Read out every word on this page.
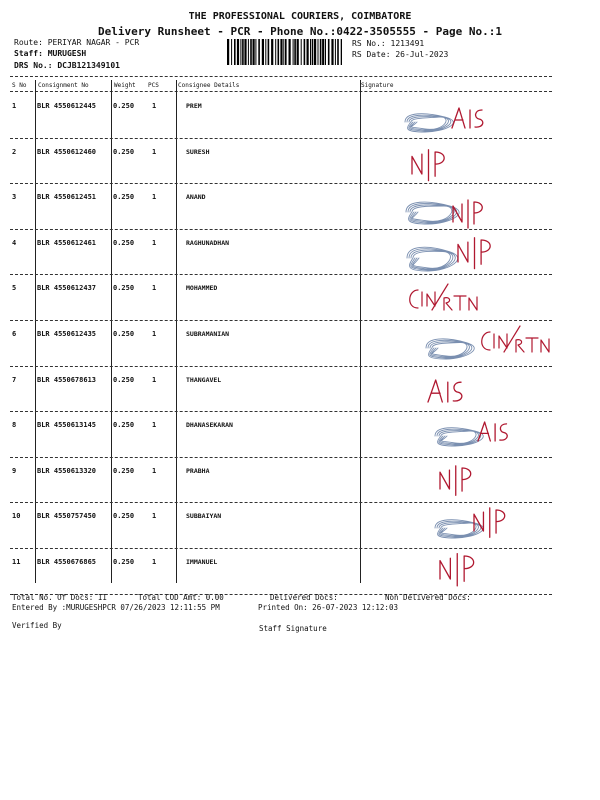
THE PROFESSIONAL COURIERS, COIMBATORE
Delivery Runsheet - PCR - Phone No.:0422-3505555 - Page No.:1
Route: PERIYAR NAGAR - PCR
Staff: MURUGESH
DRS No.: DCJB121349101
RS No.: 1213491
RS Date: 26-Jul-2023
S No Consignment No	Weight PCS	Consignee Details	Signature
1	BLR 4550612445 0.250	1	PREM
2	BLR 4550612460 0.250	1	SURESH
3	BLR 4550612451 0.250	1	ANAND
4	BLR 4550612461 0.250	1	RAGHUNADHAN
5	BLR 4550612437 0.250	1	MOHAMMED
6	BLR 4550612435 0.250	1	SUBRAMANIAN
7	BLR 4550678613 0.250	1	THANGAVEL
8	BLR 4550613145 0.250	1	DHANASEKARAN
9	BLR 4550613320 0.250	1	PRABHA
10 BLR 4550757450 0.250	1	SUBBAIYAN
11 BLR 4550676865 0.250	1	IMMANUEL
Total No. Of Docs: 11	Total COD Amt: 0.00	Delivered Docs:	Non Delivered Docs:
Entered By :MURUGESHPCR 07/26/2023 12:11:55 PM	Printed On: 26-07-2023 12:12:03
Verified By	Staff Signature
